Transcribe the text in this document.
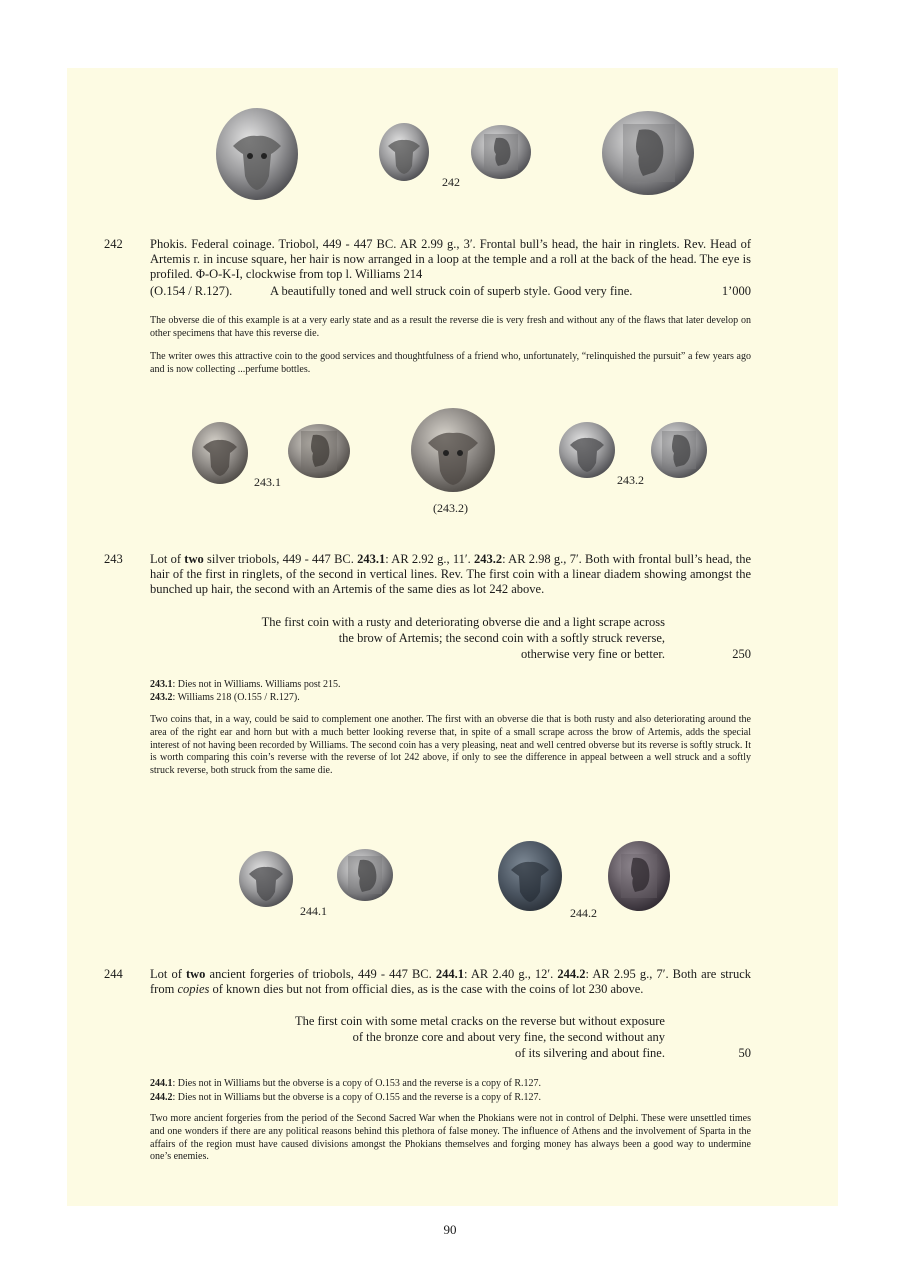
242
242 Phokis. Federal coinage. Triobol, 449 - 447 BC. AR 2.99 g., 3′. Frontal bull’s head, the hair in ringlets. Rev. Head of Artemis r. in incuse square, her hair is now arranged in a loop at the temple and a roll at the back of the head. The eye is profiled. Φ-O-K-I, clockwise from top l. Williams 214

(O.154 / R.127).	A beautifully toned and well struck coin of superb style. Good very fine.	1’000

The obverse die of this example is at a very early state and as a result the reverse die is very fresh and without any of the flaws that later develop on other specimens that have this reverse die.

The writer owes this attractive coin to the good services and thoughtfulness of a friend who, unfortunately, “relinquished the pursuit” a few years ago and is now collecting ...perfume bottles.

243.1	243.2
(243.2)
243 Lot of two silver triobols, 449 - 447 BC. 243.1: AR 2.92 g., 11′. 243.2: AR 2.98 g., 7′. Both with frontal bull’s head, the hair of the first in ringlets, of the second in vertical lines. Rev. The first coin with a linear diadem showing amongst the bunched up hair, the second with an Artemis of the same dies as lot 242 above.

The first coin with a rusty and deteriorating obverse die and a light scrape across
the brow of Artemis; the second coin with a softly struck reverse,
otherwise very fine or better.	250
243.1: Dies not in Williams. Williams post 215.
243.2: Williams 218 (O.155 / R.127).

Two coins that, in a way, could be said to complement one another. The first with an obverse die that is both rusty and also deteriorating around the area of the right ear and horn but with a much better looking reverse that, in spite of a small scrape across the brow of Artemis, adds the special interest of not having been recorded by Williams. The second coin has a very pleasing, neat and well centred obverse but its reverse is softly struck. It is worth comparing this coin’s reverse with the reverse of lot 242 above, if only to see the difference in appeal between a well struck and a softly struck reverse, both struck from the same die.

244.1	244.2
244 Lot of two ancient forgeries of triobols, 449 - 447 BC. 244.1: AR 2.40 g., 12′. 244.2: AR 2.95 g., 7′. Both are struck from copies of known dies but not from official dies, as is the case with the coins of lot 230 above.

The first coin with some metal cracks on the reverse but without exposure
of the bronze core and about very fine, the second without any
of its silvering and about fine.	50
244.1: Dies not in Williams but the obverse is a copy of O.153 and the reverse is a copy of R.127.
244.2: Dies not in Williams but the obverse is a copy of O.155 and the reverse is a copy of R.127.

Two more ancient forgeries from the period of the Second Sacred War when the Phokians were not in control of Delphi. These were unsettled times and one wonders if there are any political reasons behind this plethora of false money. The influence of Athens and the involvement of Sparta in the affairs of the region must have caused divisions amongst the Phokians themselves and forging money has always been a good way to undermine one’s enemies.

90
